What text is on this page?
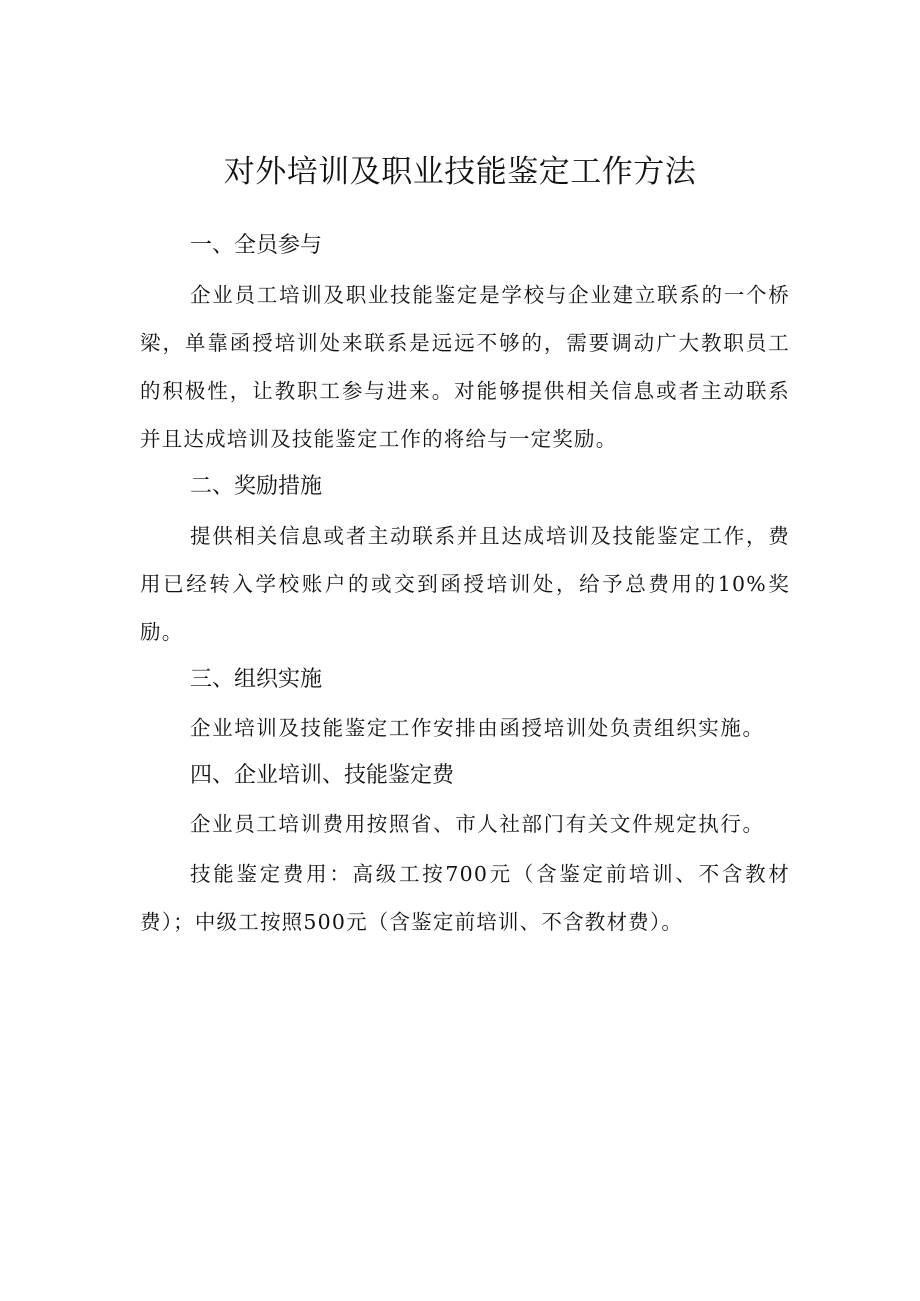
对外培训及职业技能鉴定工作方法
一、全员参与
企业员工培训及职业技能鉴定是学校与企业建立联系的一个桥梁，单靠函授培训处来联系是远远不够的，需要调动广大教职员工的积极性，让教职工参与进来。对能够提供相关信息或者主动联系并且达成培训及技能鉴定工作的将给与一定奖励。
二、奖励措施
提供相关信息或者主动联系并且达成培训及技能鉴定工作，费用已经转入学校账户的或交到函授培训处，给予总费用的10%奖励。
三、组织实施
企业培训及技能鉴定工作安排由函授培训处负责组织实施。
四、企业培训、技能鉴定费
企业员工培训费用按照省、市人社部门有关文件规定执行。
技能鉴定费用：高级工按700元（含鉴定前培训、不含教材费）；中级工按照500元（含鉴定前培训、不含教材费）。
